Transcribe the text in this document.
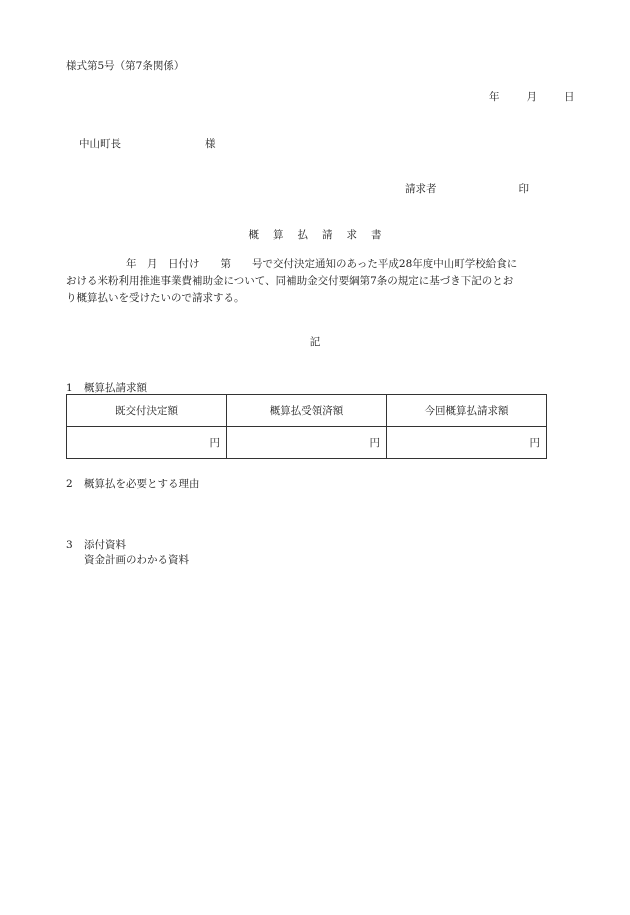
様式第5号（第7条関係）
年	月	日
中山町長	様
請求者	印
概 算 払 請 求 書
年　月　日付け　　第　　号で交付決定通知のあった平成28年度中山町学校給食に
おける米粉利用推進事業費補助金について、同補助金交付要綱第7条の規定に基づき下記のとお
り概算払いを受けたいので請求する。
記
1 概算払請求額
既交付決定額	概算払受領済額	今回概算払請求額
円	円	円
2 概算払を必要とする理由
3 添付資料
資金計画のわかる資料
